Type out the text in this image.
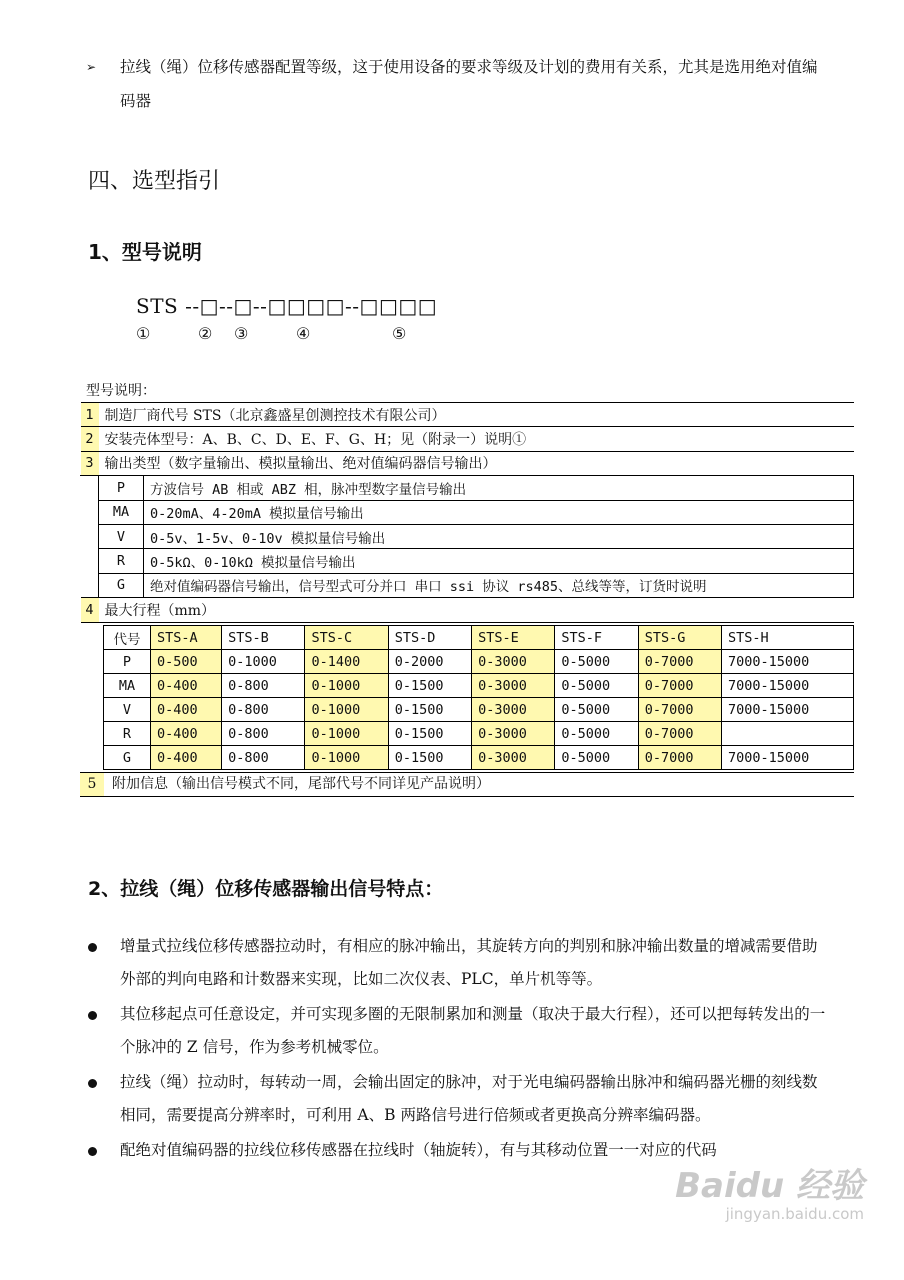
➢ 拉线（绳）位移传感器配置等级，这于使用设备的要求等级及计划的费用有关系，尤其是选用绝对值编码器
四、选型指引
1、型号说明
STS --□--□--□□□□--□□□□
①	② ③	④	⑤
型号说明：
1	制造厂商代号 STS（北京鑫盛星创测控技术有限公司）	
2	安装壳体型号：A、B、C、D、E、F、G、H；见（附录一）说明①	
3	输出类型（数字量输出、模拟量输出、绝对值编码器信号输出）	
	P	方波信号 AB 相或 ABZ 相，脉冲型数字量信号输出
	MA	0-20mA、4-20mA 模拟量信号输出
	V	0-5v、1-5v、0-10v 模拟量信号输出
	R	0-5kΩ、0-10kΩ 模拟量信号输出
	G	绝对值编码器信号输出，信号型式可分并口 串口 ssi 协议 rs485、总线等等，订货时说明
4	最大行程（mm）	
代号	STS-A	STS-B	STS-C	STS-D	STS-E	STS-F	STS-G	STS-H
P	0-500	0-1000	0-1400	0-2000	0-3000	0-5000	0-7000	7000-15000
MA	0-400	0-800	0-1000	0-1500	0-3000	0-5000	0-7000	7000-15000
V	0-400	0-800	0-1000	0-1500	0-3000	0-5000	0-7000	7000-15000
R	0-400	0-800	0-1000	0-1500	0-3000	0-5000	0-7000	
G	0-400	0-800	0-1000	0-1500	0-3000	0-5000	0-7000	7000-15000
5	附加信息（输出信号模式不同，尾部代号不同详见产品说明）
2、拉线（绳）位移传感器输出信号特点：
增量式拉线位移传感器拉动时，有相应的脉冲输出，其旋转方向的判别和脉冲输出数量的增减需要借助外部的判向电路和计数器来实现，比如二次仪表、PLC，单片机等等。
其位移起点可任意设定，并可实现多圈的无限制累加和测量（取决于最大行程），还可以把每转发出的一个脉冲的 Z 信号，作为参考机械零位。
拉线（绳）拉动时，每转动一周，会输出固定的脉冲，对于光电编码器输出脉冲和编码器光栅的刻线数相同，需要提高分辨率时，可利用 A、B 两路信号进行倍频或者更换高分辨率编码器。
配绝对值编码器的拉线位移传感器在拉线时（轴旋转），有与其移动位置一一对应的代码
Baidu 经验
jingyan.baidu.com
